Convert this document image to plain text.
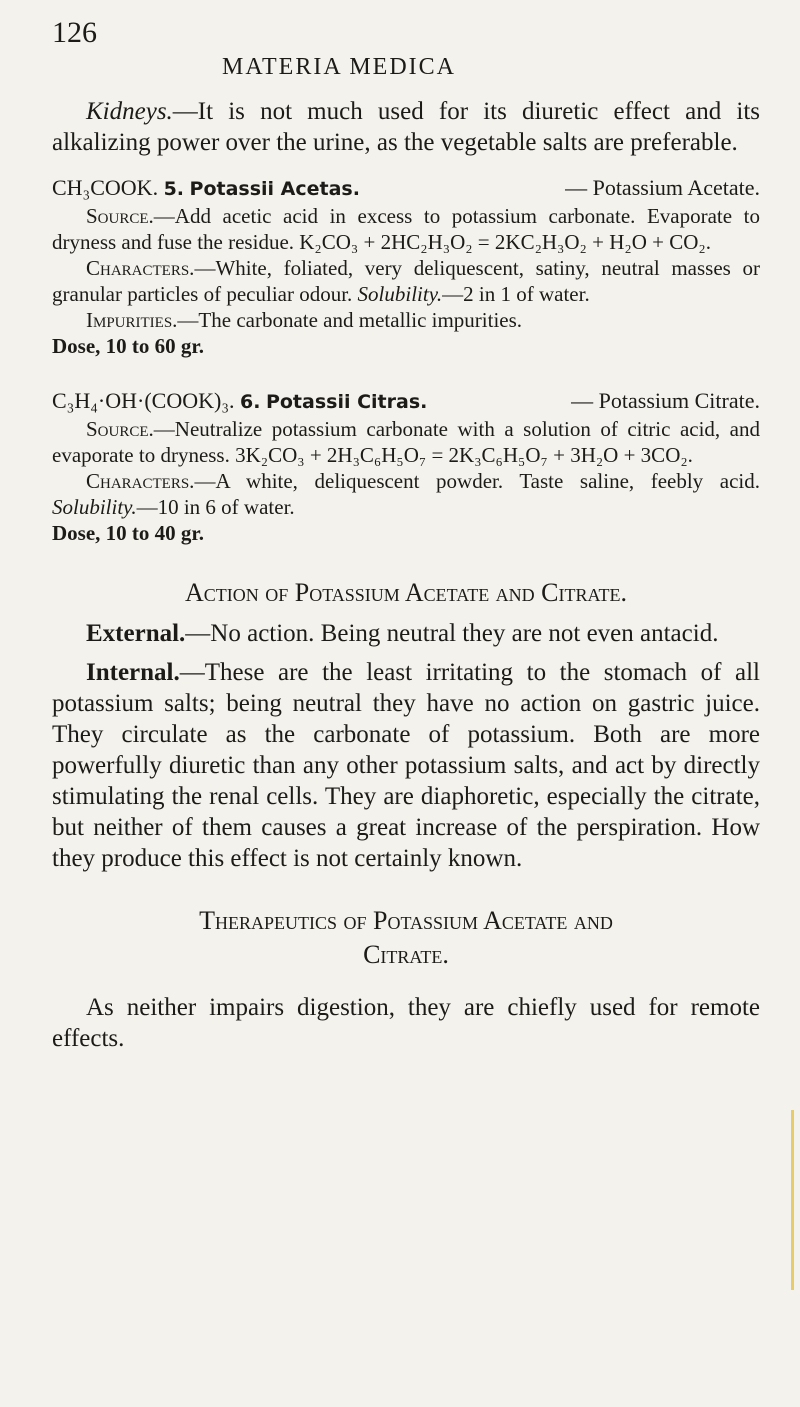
126
MATERIA MEDICA

Kidneys.—It is not much used for its diuretic effect and its alkalizing power over the urine, as the vegetable salts are preferable.

CH₃COOK. 5. Potassii Acetas.	— Potassium Acetate.

Source.—Add acetic acid in excess to potassium carbonate. Evaporate to dryness and fuse the residue. K₂CO₃ + 2HC₂H₃O₂ = 2KC₂H₃O₂ + H₂O + CO₂.

Characters.—White, foliated, very deliquescent, satiny, neutral masses or granular particles of peculiar odour. Solubility.—2 in 1 of water.

Impurities.—The carbonate and metallic impurities.

Dose, 10 to 60 gr.

C₃H₄·OH·(COOK)₃. 6. Potassii Citras.	— Potassium Citrate.

Source.—Neutralize potassium carbonate with a solution of citric acid, and evaporate to dryness. 3K₂CO₃ + 2H₃C₆H₅O₇ = 2K₃C₆H₅O₇ + 3H₂O + 3CO₂.

Characters.—A white, deliquescent powder. Taste saline, feebly acid. Solubility.—10 in 6 of water.

Dose, 10 to 40 gr.

Action of Potassium Acetate and Citrate.

External.—No action. Being neutral they are not even antacid.

Internal.—These are the least irritating to the stomach of all potassium salts; being neutral they have no action on gastric juice. They circulate as the carbonate of potassium. Both are more powerfully diuretic than any other potassium salts, and act by directly stimulating the renal cells. They are diaphoretic, especially the citrate, but neither of them causes a great increase of the perspiration. How they produce this effect is not certainly known.

Therapeutics of Potassium Acetate and
Citrate.

As neither impairs digestion, they are chiefly used for remote effects.
